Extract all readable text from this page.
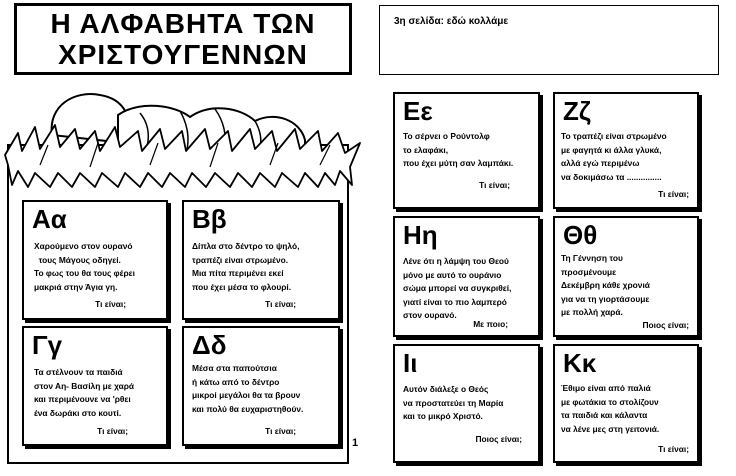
Η ΑΛΦΑΒΗΤΑ ΤΩΝ
ΧΡΙΣΤΟΥΓΕΝΝΩΝ
3η σελίδα: εδώ κολλάμε
Αα
Χαρούμενο στον ουρανό
τους Μάγους οδηγεί.
Το φως του θα τους φέρει
μακριά στην Άγια γη.
Τι είναι;
Ββ
Δίπλα στο δέντρο το ψηλό,
τραπέζι είναι στρωμένο.
Μια πίτα περιμένει εκεί
που έχει μέσα το φλουρί.
Τι είναι;
Γγ
Τα στέλνουν τα παιδιά
στον Αη- Βασίλη με χαρά
και περιμένουνε να 'ρθει
ένα δωράκι στο κουτί.
Τι είναι;
Δδ
Μέσα στα παπούτσια
ή κάτω από το δέντρο
μικροί μεγάλοι θα τα βρουν
και πολύ θα ευχαριστηθούν.
Τι είναι;
1
Εε
Το σέρνει ο Ρούντολφ
το ελαφάκι,
που έχει μύτη σαν λαμπάκι.
Τι είναι;
Ζζ
Το τραπέζι είναι στρωμένο
με φαγητά κι άλλα γλυκά,
αλλά εγώ περιμένω
να δοκιμάσω τα ...............
Τι είναι;
Ηη
Λένε ότι η λάμψη του Θεού
μόνο με αυτό το ουράνιο
σώμα μπορεί να συγκριθεί,
γιατί είναι το πιο λαμπερό
στον ουρανό.
Με ποιο;
Θθ
Τη Γέννηση του
προσμένουμε
Δεκέμβρη κάθε χρονιά
για να τη γιορτάσουμε
με πολλή χαρά.
Ποιος είναι;
Ιι
Αυτόν διάλεξε ο Θεός
να προστατεύει τη Μαρία
και το μικρό Χριστό.
Ποιος είναι;
Κκ
Έθιμο είναι από παλιά
με φωτάκια το στολίζουν
τα παιδιά και κάλαντα
να λένε μες στη γειτονιά.
Τι είναι;
